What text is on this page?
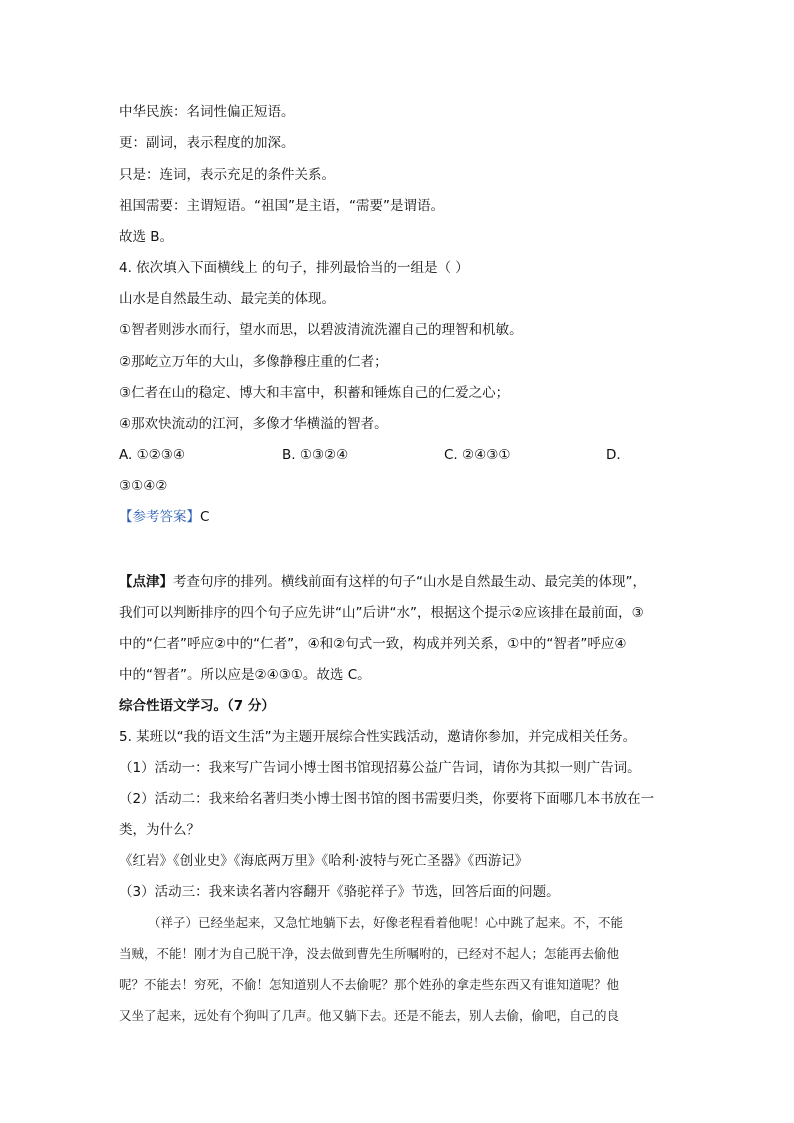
中华民族：名词性偏正短语。
更：副词，表示程度的加深。
只是：连词，表示充足的条件关系。
祖国需要：主谓短语。“祖国”是主语，“需要”是谓语。
故选 B。
4. 依次填入下面横线上 的句子，排列最恰当的一组是（ ）
山水是自然最生动、最完美的体现。
①智者则涉水而行，望水而思，以碧波清流洗濯自己的理智和机敏。
②那屹立万年的大山，多像静穆庄重的仁者；
③仁者在山的稳定、博大和丰富中，积蓄和锤炼自己的仁爱之心；
④那欢快流动的江河，多像才华横溢的智者。
A. ①②③④	B. ①③②④	C. ②④③①	D.
③①④②
【参考答案】C
【点津】考查句序的排列。横线前面有这样的句子“山水是自然最生动、最完美的体现”，
我们可以判断排序的四个句子应先讲“山”后讲“水”，根据这个提示②应该排在最前面，③
中的“仁者”呼应②中的“仁者”，④和②句式一致，构成并列关系，①中的“智者”呼应④
中的“智者”。所以应是②④③①。故选 C。
综合性语文学习。（7 分）
5. 某班以“我的语文生活”为主题开展综合性实践活动，邀请你参加，并完成相关任务。
（1）活动一：我来写广告词小博士图书馆现招募公益广告词，请你为其拟一则广告词。
（2）活动二：我来给名著归类小博士图书馆的图书需要归类，你要将下面哪几本书放在一
类，为什么？
《红岩》《创业史》《海底两万里》《哈利·波特与死亡圣器》《西游记》
（3）活动三：我来读名著内容翻开《骆驼祥子》节选，回答后面的问题。
（祥子）已经坐起来，又急忙地躺下去，好像老程看着他呢！心中跳了起来。不，不能
当贼，不能！刚才为自己脱干净，没去做到曹先生所嘱咐的，已经对不起人；怎能再去偷他
呢？不能去！穷死，不偷！怎知道别人不去偷呢？那个姓孙的拿走些东西又有谁知道呢？他
又坐了起来，远处有个狗叫了几声。他又躺下去。还是不能去，别人去偷，偷吧，自己的良
